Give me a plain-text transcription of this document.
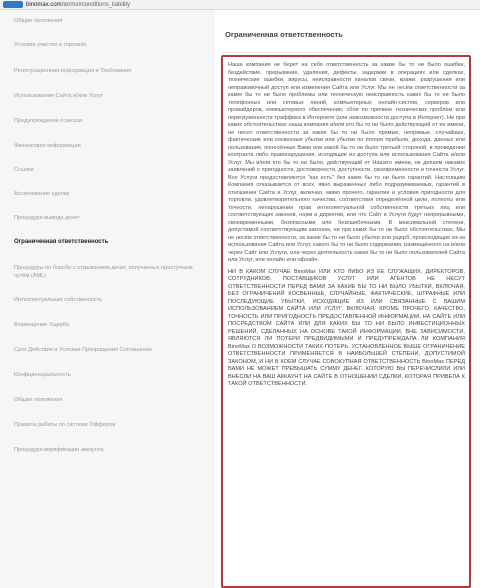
binomax.com/terms#conditions_liability
Общие положения
Условия участия в торговле
Регистрационная информация и Требования
Использование Сайта и/или Услуг
Предупреждение о рисках
Финансовая информация
Ссылки
Ассигнование сделки
Процедура вывода денег
Ограниченная ответственность
Процедуры по борьбе с отмыванием денег, полученных преступным путём (AML)
Интеллектуальная собственность
Возмещение Ущерба
Срок Действия и Условия Прекращения Соглашения
Конфиденциальность
Общие положения
Правила работы по системе Офферов
Процедура верификации аккаунта
Ограниченная ответственность

Наша компания не берет на себя ответственность за какие бы то ни было ошибки, бездействие, прерывание, удаления, дефекты, задержки в операциях или сделках, технические ошибки, вирусы, неисправности каналов связи, кражи, разрушения или неправомочный доступ или изменения Сайта или Услуг. Мы не несём ответственности за какие бы то ни было проблемы или техническую неисправность каких бы то ни было телефонных или сетевых линий, компьютерных онлайн-систем, серверов или провайдеров, компьютерного обеспечения, сбоя по причине технических проблем или перегруженности траффика в Интернете (или невозможности доступа в Интернет). Ни при каких обстоятельствах наша компания и/или кто бы то ни было действующий от ее имени, не несет ответственности за какие бы то ни было прямые, непрямые, случайные, фактические или косвенные убытки или убытки по потере прибыли, дохода, данных или пользования, понесённые Вами или какой бы то ни было третьей стороной, в проведении контракта либо правонарушения, исходящие из доступа или использования Сайта и/или Услуг. Мы и/или кто бы то ни было, действующий от Нашего имени, не делаем никаких заявлений о пригодности, достоверности, доступности, своевременности и точности Услуг. Все Услуги предоставляются "как есть" без каких бы то ни было гарантий. Настоящим Компания отказывается от всех, явно выраженных либо подразумеваемых, гарантий в отношении Сайта и Услуг, включая, мимо прочего, гарантии и условия пригодности для торговли, удовлетворительного качества, соответствия определённой цели, полноты или точности, ненарушения прав интеллектуальной собственности третьих лиц или соответствующих законов, норм и директив, или что Сайт и Услуги будут непрерывными, своевременными, безопасными или безошибочными. В максимальной степени, допустимой соответствующим законом, ни при каких бы то ни было обстоятельствах, Мы не несём ответственности, за какие бы то ни было убытки или ущерб, происходящие из-за использования Сайта или Услуг, какого бы то ни было содержания, размещённого на и/или через Сайт или Услуги, или через деятельность каких бы то ни было пользователей Сайта или Услуг, или онлайн или офлайн.

НИ В КАКОМ СЛУЧАЕ BinoMax ИЛИ КТО ЛИБО ИЗ ЕЕ СЛУЖАЩИХ, ДИРЕКТОРОВ, СОТРУДНИКОВ, ПОСТАВЩИКОВ УСЛУГ ИЛИ АГЕНТОВ НЕ НЕСУТ ОТВЕТСТВЕННОСТИ ПЕРЕД ВАМИ ЗА КАКИЕ БЫ ТО НИ БЫЛО УБЫТКИ, ВКЛЮЧАЯ, БЕЗ ОГРАНИЧЕНИЙ КОСВЕННЫЕ, СЛУЧАЙНЫЕ, ФАКТИЧЕСКИЕ, ШТРАФНЫЕ ИЛИ ПОСЛЕДУЮЩИЕ УБЫТКИ, ИСХОДЯЩИЕ ИЗ ИЛИ СВЯЗАННЫЕ С ВАШИМ ИСПОЛЬЗОВАНИЕМ САЙТА ИЛИ УСЛУГ, ВКЛЮЧАЯ, КРОМЕ ПРОЧЕГО, КАЧЕСТВО, ТОЧНОСТЬ ИЛИ ПРИГОДНОСТЬ ПРЕДОСТАВЛЕННОЙ ИНФОРМАЦИИ, НА САЙТЕ ИЛИ ПОСРЕДСТВОМ САЙТА ИЛИ ДЛЯ КАКИХ БЫ ТО НИ БЫЛО ИНВЕСТИЦИОННЫХ РЕШЕНИЙ, СДЕЛАННЫХ НА ОСНОВЕ ТАКОЙ ИНФОРМАЦИИ, ВНЕ ЗАВИСИМОСТИ, ЯВЛЯЮТСЯ ЛИ ПОТЕРИ ПРЕДВИДИМЫМИ И ПРЕДУПРЕЖДАЛА ЛИ КОМПАНИЯ BinoMax О ВОЗМОЖНОСТИ ТАКИХ ПОТЕРЬ. УСТАНОВЛЕННОЕ ВЫШЕ ОГРАНИЧЕНИЕ ОТВЕТСТВЕННОСТИ ПРИМЕНЯЕТСЯ В НАИБОЛЬШЕЙ СТЕПЕНИ, ДОПУСТИМОЙ ЗАКОНОМ, И НИ В КОЕМ СЛУЧАЕ СОВОКУПНАЯ ОТВЕТСТВЕННОСТЬ BinoMax ПЕРЕД ВАМИ НЕ МОЖЕТ ПРЕВЫШАТЬ СУММУ ДЕНЕГ, КОТОРУЮ ВЫ ПЕРЕЧИСЛИЛИ ИЛИ ВНЕСЛИ НА ВАШ АККАУНТ НА САЙТЕ В ОТНОШЕНИИ СДЕЛКИ, КОТОРАЯ ПРИВЕЛА К ТАКОЙ ОТВЕТСТВЕННОСТИ.
